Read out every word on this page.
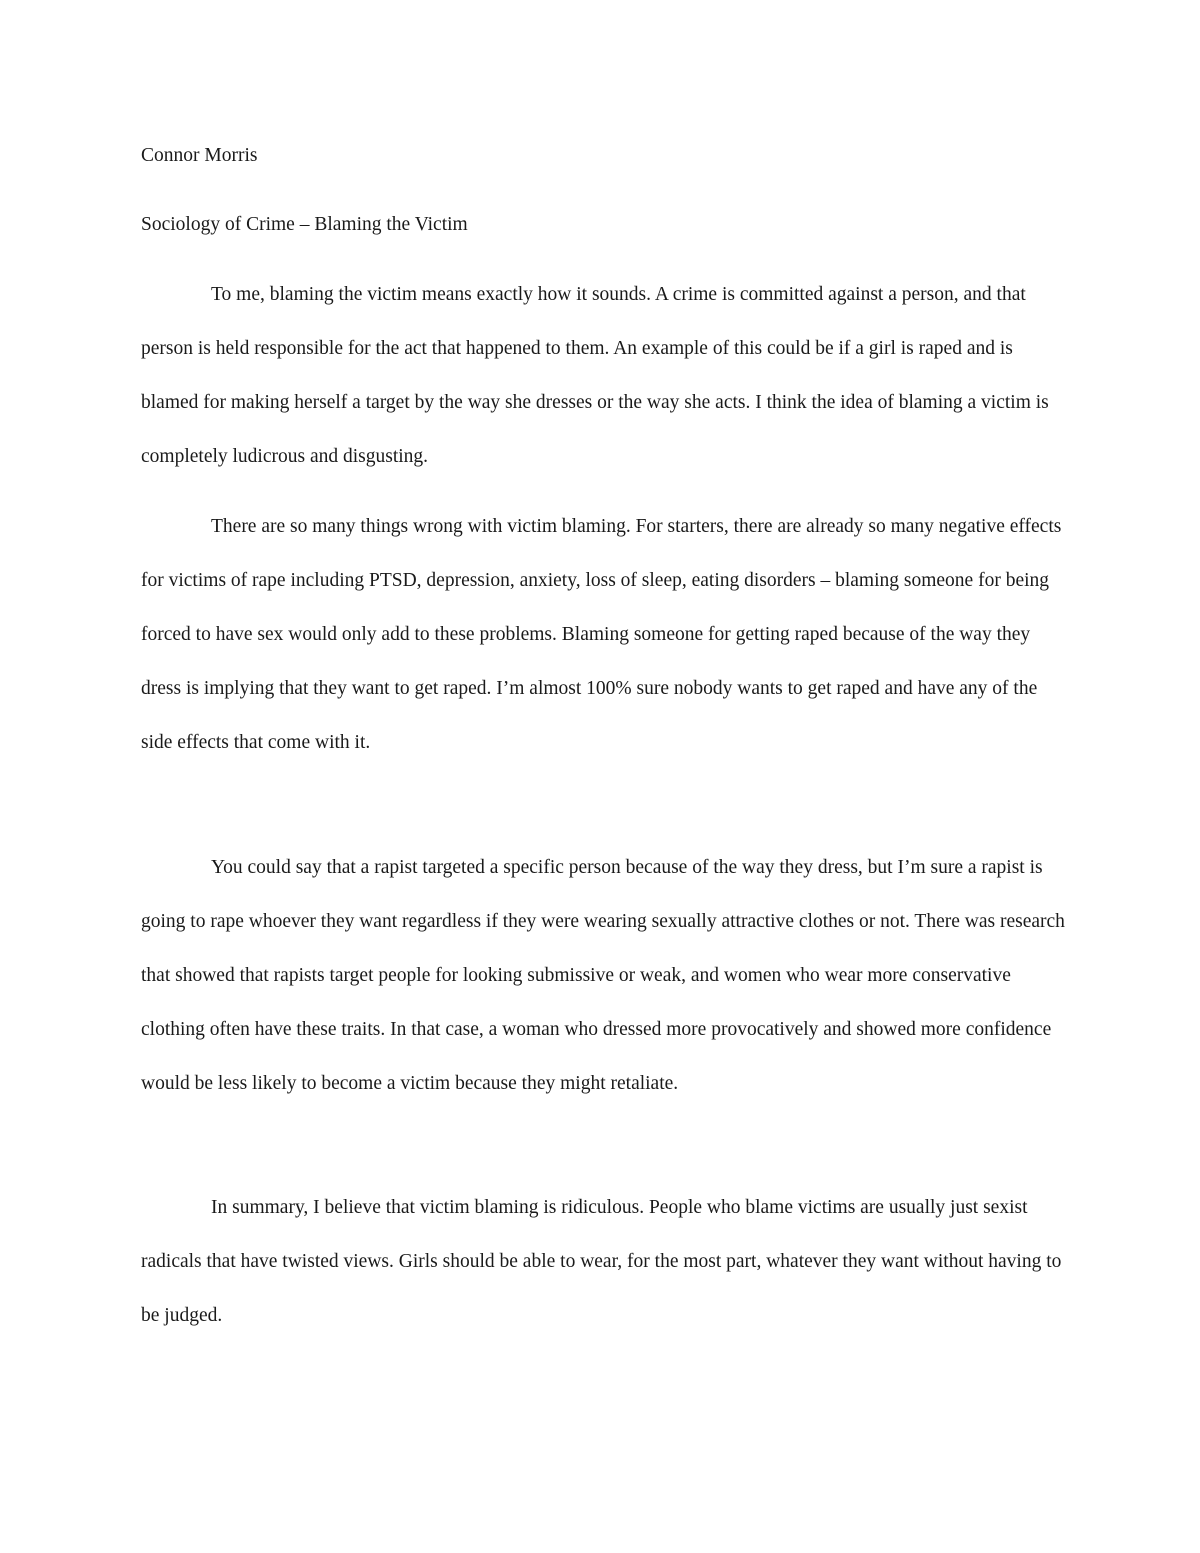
Connor Morris

Sociology of Crime – Blaming the Victim

To me, blaming the victim means exactly how it sounds. A crime is committed against a person, and that person is held responsible for the act that happened to them. An example of this could be if a girl is raped and is blamed for making herself a target by the way she dresses or the way she acts. I think the idea of blaming a victim is completely ludicrous and disgusting.

There are so many things wrong with victim blaming. For starters, there are already so many negative effects for victims of rape including PTSD, depression, anxiety, loss of sleep, eating disorders – blaming someone for being forced to have sex would only add to these problems. Blaming someone for getting raped because of the way they dress is implying that they want to get raped. I’m almost 100% sure nobody wants to get raped and have any of the side effects that come with it.

You could say that a rapist targeted a specific person because of the way they dress, but I’m sure a rapist is going to rape whoever they want regardless if they were wearing sexually attractive clothes or not. There was research that showed that rapists target people for looking submissive or weak, and women who wear more conservative clothing often have these traits. In that case, a woman who dressed more provocatively and showed more confidence would be less likely to become a victim because they might retaliate.

In summary, I believe that victim blaming is ridiculous. People who blame victims are usually just sexist radicals that have twisted views. Girls should be able to wear, for the most part, whatever they want without having to be judged.
